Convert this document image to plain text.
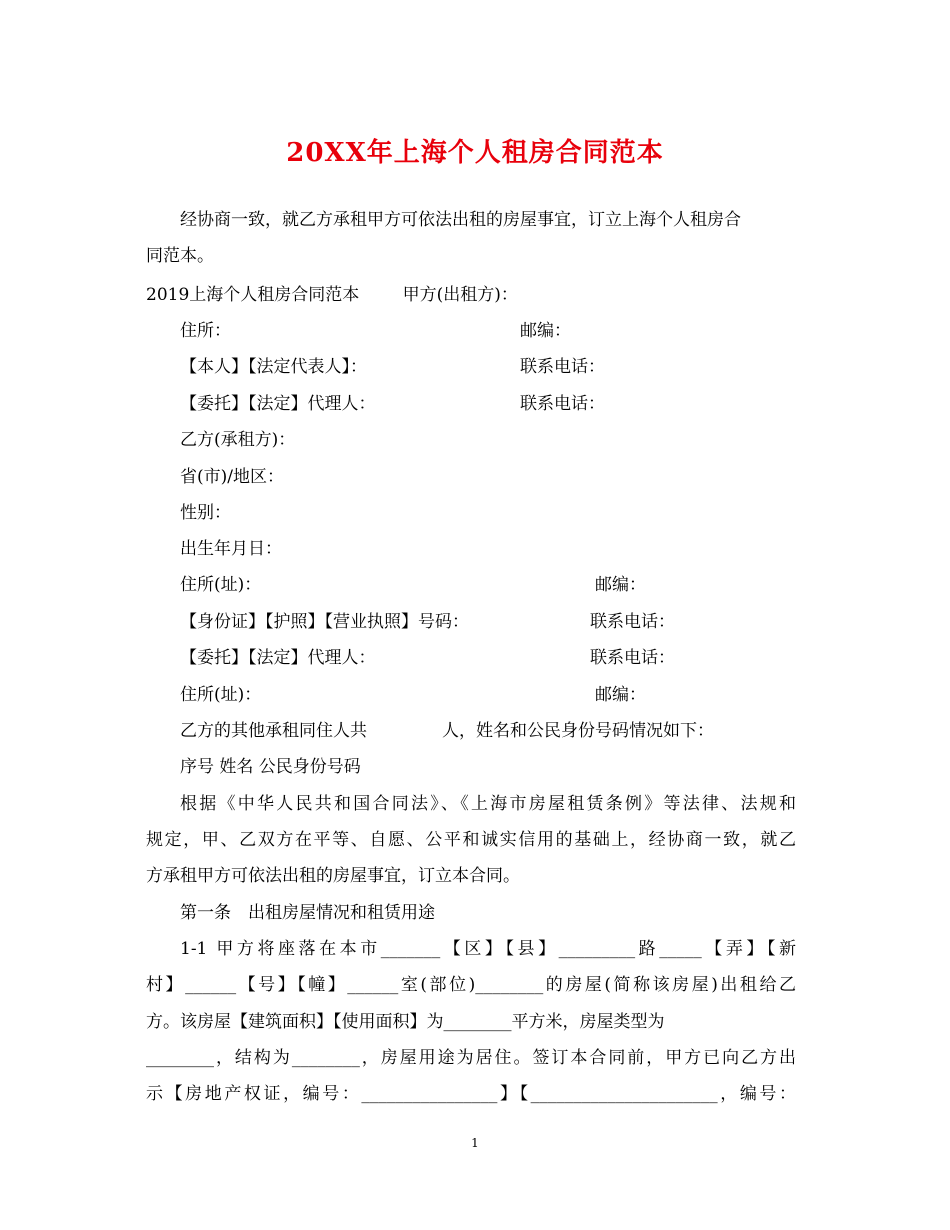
20XX年上海个人租房合同范本
经协商一致，就乙方承租甲方可依法出租的房屋事宜，订立上海个人租房合
同范本。
2019上海个人租房合同范本	甲方(出租方)：
住所：	邮编：
【本人】【法定代表人】：	联系电话：
【委托】【法定】代理人：	联系电话：
乙方(承租方)：
省(市)/地区：
性别：
出生年月日：
住所(址)：	邮编：
【身份证】【护照】【营业执照】号码：	联系电话：
【委托】【法定】代理人：	联系电话：
住所(址)：	邮编：
乙方的其他承租同住人共	人，姓名和公民身份号码情况如下：
序号 姓名 公民身份号码
根据《中华人民共和国合同法》、《上海市房屋租赁条例》等法律、法规和
规定，甲、乙双方在平等、自愿、公平和诚实信用的基础上，经协商一致，就乙
方承租甲方可依法出租的房屋事宜，订立本合同。
第一条　出租房屋情况和租赁用途
1-1 甲方将座落在本市_______【区】【县】_________路_____【弄】【新
村】______【号】【幢】______室(部位)________的房屋(简称该房屋)出租给乙
方。该房屋【建筑面积】【使用面积】为________平方米，房屋类型为
________，结构为________，房屋用途为居住。签订本合同前，甲方已向乙方出
示【房地产权证，编号：________________】【______________________，编号：
1
